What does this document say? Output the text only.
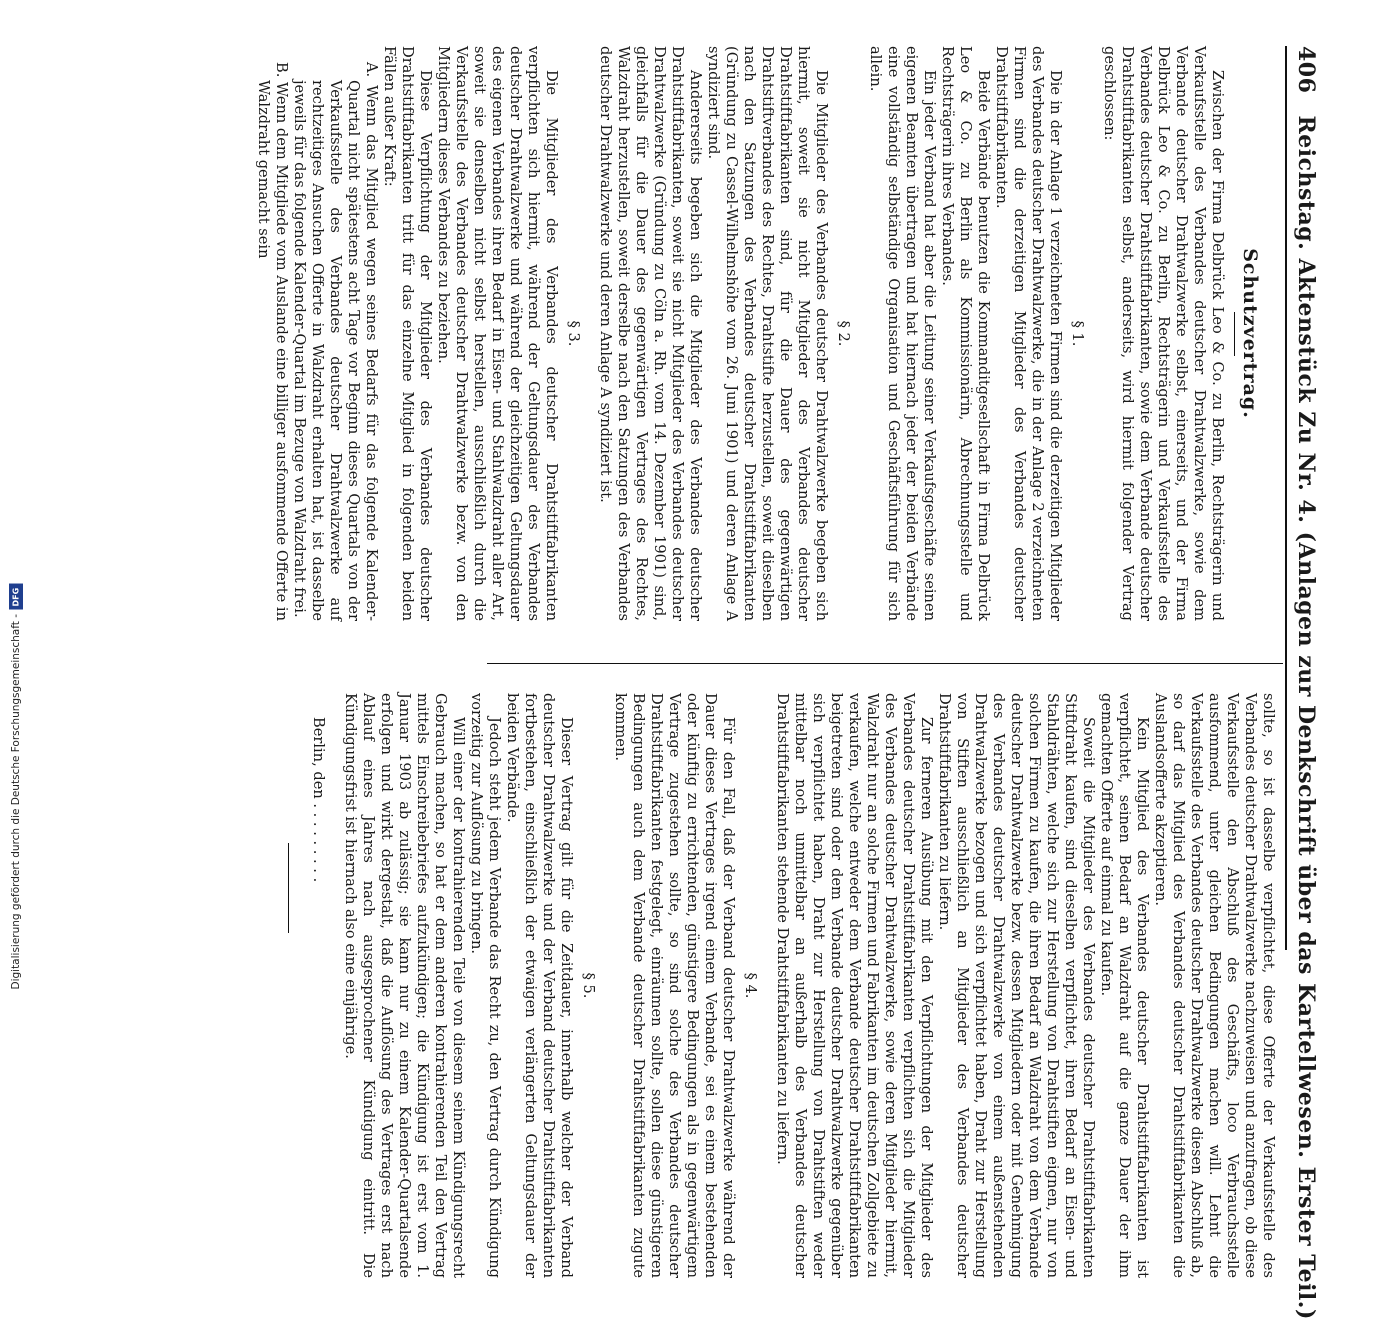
406
Reichstag. Aktenstück Zu Nr. 4. (Anlagen zur Denkschrift über das Kartellwesen. Erster Teil.)
Schutzvertrag.

Zwischen der Firma Delbrück Leo & Co. zu Berlin, Rechtsträgerin und Verkaufsstelle des Verbandes deutscher Drahtwalzwerke, sowie dem Verbande deutscher Drahtwalzwerke selbst, einerseits, und der Firma Delbrück Leo & Co. zu Berlin, Rechtsträgerin und Verkaufsstelle des Verbandes deutscher Drahtstiftfabrikanten, sowie dem Verbande deutscher Drahtstiftfabrikanten selbst, anderseits, wird hiermit folgender Vertrag geschlossen:

§ 1.

Die in der Anlage 1 verzeichneten Firmen sind die derzeitigen Mitglieder des Verbandes deutscher Drahtwalzwerke, die in der Anlage 2 verzeichneten Firmen sind die derzeitigen Mitglieder des Verbandes deutscher Drahtstiftfabrikanten.

Beide Verbände benutzen die Kommanditgesellschaft in Firma Delbrück Leo & Co. zu Berlin als Kommissionärin, Abrechnungsstelle und Rechtsträgerin ihres Verbandes.

Ein jeder Verband hat aber die Leitung seiner Verkaufsgeschäfte seinen eigenen Beamten übertragen und hat hiernach jeder der beiden Verbände eine vollständig selbständige Organisation und Geschäftsführung für sich allein.

§ 2.

Die Mitglieder des Verbandes deutscher Drahtwalzwerke begeben sich hiermit, soweit sie nicht Mitglieder des Verbandes deutscher Drahtstiftfabrikanten sind, für die Dauer des gegenwärtigen Drahtstiftverbandes des Rechtes, Drahtstifte herzustellen, soweit dieselben nach den Satzungen des Verbandes deutscher Drahtstiftfabrikanten (Gründung zu Cassel-Wilhelmshöhe vom 26. Juni 1901) und deren Anlage A syndiziert sind.

Andererseits begeben sich die Mitglieder des Verbandes deutscher Drahtstiftfabrikanten, soweit sie nicht Mitglieder des Verbandes deutscher Drahtwalzwerke (Gründung zu Cöln a. Rh. vom 14. Dezember 1901) sind, gleichfalls für die Dauer des gegenwärtigen Vertrages des Rechtes, Walzdraht herzustellen, soweit derselbe nach den Satzungen des Verbandes deutscher Drahtwalzwerke und deren Anlage A syndiziert ist.

§ 3.

Die Mitglieder des Verbandes deutscher Drahtstiftfabrikanten verpflichten sich hiermit, während der Geltungsdauer des Verbandes deutscher Drahtwalzwerke und während der gleichzeitigen Geltungsdauer des eigenen Verbandes ihren Bedarf in Eisen- und Stahlwalzdraht aller Art, soweit sie denselben nicht selbst herstellen, ausschließlich durch die Verkaufsstelle des Verbandes deutscher Drahtwalzwerke bezw. von den Mitgliedern dieses Verbandes zu beziehen.

Diese Verpflichtung der Mitglieder des Verbandes deutscher Drahtstiftfabrikanten tritt für das einzelne Mitglied in folgenden beiden Fällen außer Kraft:

A. Wenn das Mitglied wegen seines Bedarfs für das folgende Kalender-Quartal nicht spätestens acht Tage vor Beginn dieses Quartals von der Verkaufsstelle des Verbandes deutscher Drahtwalzwerke auf rechtzeitiges Ansuchen Offerte in Walzdraht erhalten hat, ist dasselbe jeweils für das folgende Kalender-Quartal im Bezuge von Walzdraht frei.

B. Wenn dem Mitgliede vom Auslande eine billiger ausfommende Offerte in Walzdraht gemacht sein

sollte, so ist dasselbe verpflichtet, diese Offerte der Verkaufsstelle des Verbandes deutscher Drahtwalzwerke nachzuweisen und anzufragen, ob diese Verkaufsstelle den Abschluß des Geschäfts, loco Verbrauchsstelle ausfommend, unter gleichen Bedingungen machen will. Lehnt die Verkaufsstelle des Verbandes deutscher Drahtwalzwerke diesen Abschluß ab, so darf das Mitglied des Verbandes deutscher Drahtstiftfabrikanten die Auslandsofferte akzeptieren.

Kein Mitglied des Verbandes deutscher Drahtstiftfabrikanten ist verpflichtet, seinen Bedarf an Walzdraht auf die ganze Dauer der ihm gemachten Offerte auf einmal zu kaufen.

Soweit die Mitglieder des Verbandes deutscher Drahtstiftfabrikanten Stiftdraht kaufen, sind dieselben verpflichtet, ihren Bedarf an Eisen- und Stahldrähten, welche sich zur Herstellung von Drahtstiften eignen, nur von solchen Firmen zu kaufen, die ihren Bedarf an Walzdraht von dem Verbande deutscher Drahtwalzwerke bezw. dessen Mitgliedern oder mit Genehmigung des Verbandes deutscher Drahtwalzwerke von einem außenstehenden Drahtwalzwerke bezogen und sich verpflichtet haben, Draht zur Herstellung von Stiften ausschließlich an Mitglieder des Verbandes deutscher Drahtstiftfabrikanten zu liefern.

Zur ferneren Ausübung mit den Verpflichtungen der Mitglieder des Verbandes deutscher Drahtstiftfabrikanten verpflichten sich die Mitglieder des Verbandes deutscher Drahtwalzwerke, sowie deren Mitglieder hiermit, Walzdraht nur an solche Firmen und Fabrikanten im deutschen Zollgebiete zu verkaufen, welche entweder dem Verbande deutscher Drahtstiftfabrikanten beigetreten sind oder dem Verbande deutscher Drahtwalzwerke gegenüber sich verpflichtet haben, Draht zur Herstellung von Drahtstiften weder mittelbar noch unmittelbar an außerhalb des Verbandes deutscher Drahtstiftfabrikanten stehende Drahtstiftfabrikanten zu liefern.

§ 4.

Für den Fall, daß der Verband deutscher Drahtwalzwerke während der Dauer dieses Vertrages irgend einem Verbande, sei es einem bestehenden oder künftig zu errichtenden, günstigere Bedingungen als in gegenwärtigem Vertrage zugestehen sollte, so sind solche des Verbandes deutscher Drahtstiftfabrikanten festgelegt, einräumen sollte, sollen diese günstigeren Bedingungen auch dem Verbande deutscher Drahtstiftfabrikanten zugute kommen.

§ 5.

Dieser Vertrag gilt für die Zeitdauer, innerhalb welcher der Verband deutscher Drahtwalzwerke und der Verband deutscher Drahtstiftfabrikanten fortbestehen, einschließlich der etwaigen verlängerten Geltungsdauer der beiden Verbände.

Jedoch steht jedem Verbande das Recht zu, den Vertrag durch Kündigung vorzeitig zur Auflösung zu bringen.

Will einer der kontrahierenden Teile von diesem seinem Kündigungsrecht Gebrauch machen, so hat er dem anderen kontrahierenden Teil den Vertrag mittels Einschreibebriefes aufzukündigen; die Kündigung ist erst vom 1. Januar 1903 ab zulässig; sie kann nur zu einem Kalender-Quartalsende erfolgen und wirkt dergestalt, daß die Auflösung des Vertrages erst nach Ablauf eines Jahres nach ausgesprochener Kündigung eintritt. Die Kündigungsfrist ist hiernach also eine einjährige.

Berlin, den . . . . . . . . .

Digitalisierung gefördert durch die Deutsche Forschungsgemeinschaft -
DFG
